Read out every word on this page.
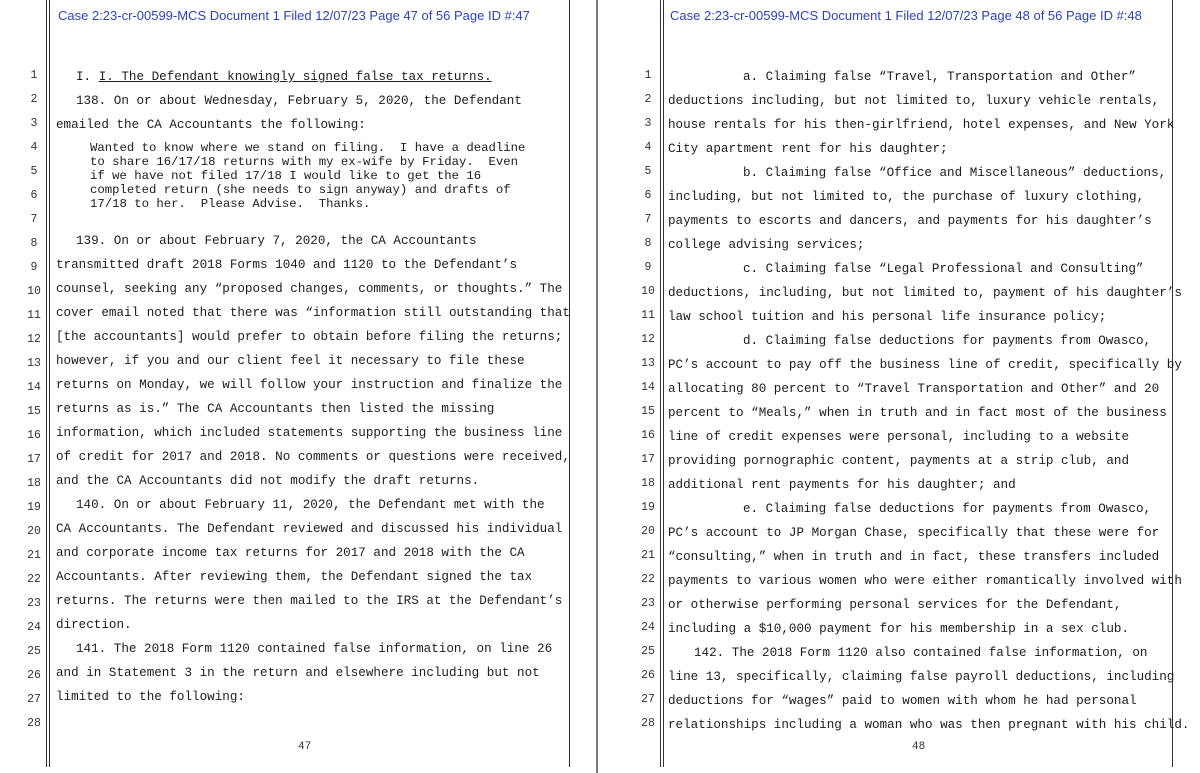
Case 2:23-cr-00599-MCS Document 1 Filed 12/07/23 Page 47 of 56 Page ID #:47
1
2
3
4
5
6
7
8
9
10
11
12
13
14
15
16
17
18
19
20
21
22
23
24
25
26
27
28
I. I. The Defendant knowingly signed false tax returns.
138. On or about Wednesday, February 5, 2020, the Defendant
emailed the CA Accountants the following:
Wanted to know where we stand on filing.  I have a deadline
to share 16/17/18 returns with my ex-wife by Friday.  Even
if we have not filed 17/18 I would like to get the 16
completed return (she needs to sign anyway) and drafts of
17/18 to her.  Please Advise.  Thanks.
139. On or about February 7, 2020, the CA Accountants
transmitted draft 2018 Forms 1040 and 1120 to the Defendant’s
counsel, seeking any “proposed changes, comments, or thoughts.” The
cover email noted that there was “information still outstanding that
[the accountants] would prefer to obtain before filing the returns;
however, if you and our client feel it necessary to file these
returns on Monday, we will follow your instruction and finalize the
returns as is.” The CA Accountants then listed the missing
information, which included statements supporting the business line
of credit for 2017 and 2018. No comments or questions were received,
and the CA Accountants did not modify the draft returns.
140. On or about February 11, 2020, the Defendant met with the
CA Accountants. The Defendant reviewed and discussed his individual
and corporate income tax returns for 2017 and 2018 with the CA
Accountants. After reviewing them, the Defendant signed the tax
returns. The returns were then mailed to the IRS at the Defendant’s
direction.
141. The 2018 Form 1120 contained false information, on line 26
and in Statement 3 in the return and elsewhere including but not
limited to the following:
47
Case 2:23-cr-00599-MCS Document 1 Filed 12/07/23 Page 48 of 56 Page ID #:48
1
2
3
4
5
6
7
8
9
10
11
12
13
14
15
16
17
18
19
20
21
22
23
24
25
26
27
28
a. Claiming false “Travel, Transportation and Other”
deductions including, but not limited to, luxury vehicle rentals,
house rentals for his then-girlfriend, hotel expenses, and New York
City apartment rent for his daughter;
b. Claiming false “Office and Miscellaneous” deductions,
including, but not limited to, the purchase of luxury clothing,
payments to escorts and dancers, and payments for his daughter’s
college advising services;
c. Claiming false “Legal Professional and Consulting”
deductions, including, but not limited to, payment of his daughter’s
law school tuition and his personal life insurance policy;
d. Claiming false deductions for payments from Owasco,
PC’s account to pay off the business line of credit, specifically by
allocating 80 percent to “Travel Transportation and Other” and 20
percent to “Meals,” when in truth and in fact most of the business
line of credit expenses were personal, including to a website
providing pornographic content, payments at a strip club, and
additional rent payments for his daughter; and
e. Claiming false deductions for payments from Owasco,
PC’s account to JP Morgan Chase, specifically that these were for
“consulting,” when in truth and in fact, these transfers included
payments to various women who were either romantically involved with
or otherwise performing personal services for the Defendant,
including a $10,000 payment for his membership in a sex club.
142. The 2018 Form 1120 also contained false information, on
line 13, specifically, claiming false payroll deductions, including
deductions for “wages” paid to women with whom he had personal
relationships including a woman who was then pregnant with his child.
48
